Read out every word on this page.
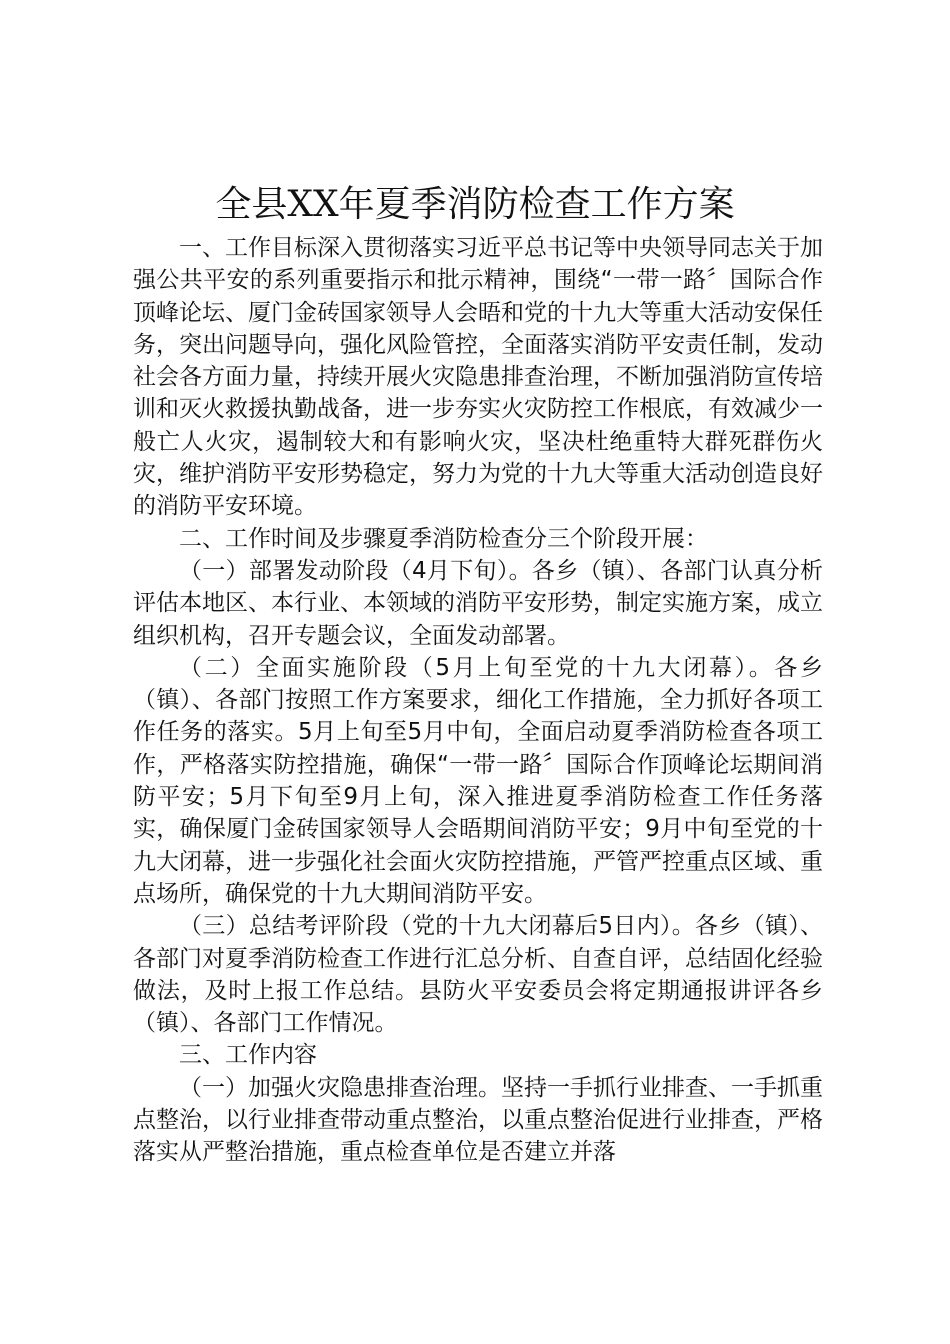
全县XX年夏季消防检查工作方案

一、工作目标深入贯彻落实习近平总书记等中央领导同志关于加强公共平安的系列重要指示和批示精神，围绕“一带一路〞国际合作顶峰论坛、厦门金砖国家领导人会晤和党的十九大等重大活动安保任务，突出问题导向，强化风险管控，全面落实消防平安责任制，发动社会各方面力量，持续开展火灾隐患排查治理，不断加强消防宣传培训和灭火救援执勤战备，进一步夯实火灾防控工作根底，有效减少一般亡人火灾，遏制较大和有影响火灾，坚决杜绝重特大群死群伤火灾，维护消防平安形势稳定，努力为党的十九大等重大活动创造良好的消防平安环境。

二、工作时间及步骤夏季消防检查分三个阶段开展：

（一）部署发动阶段（4月下旬）。各乡（镇）、各部门认真分析评估本地区、本行业、本领域的消防平安形势，制定实施方案，成立组织机构，召开专题会议，全面发动部署。

（二）全面实施阶段（5月上旬至党的十九大闭幕）。各乡（镇）、各部门按照工作方案要求，细化工作措施，全力抓好各项工作任务的落实。5月上旬至5月中旬，全面启动夏季消防检查各项工作，严格落实防控措施，确保“一带一路〞国际合作顶峰论坛期间消防平安；5月下旬至9月上旬，深入推进夏季消防检查工作任务落实，确保厦门金砖国家领导人会晤期间消防平安；9月中旬至党的十九大闭幕，进一步强化社会面火灾防控措施，严管严控重点区域、重点场所，确保党的十九大期间消防平安。

（三）总结考评阶段（党的十九大闭幕后5日内）。各乡（镇）、各部门对夏季消防检查工作进行汇总分析、自查自评，总结固化经验做法，及时上报工作总结。县防火平安委员会将定期通报讲评各乡（镇）、各部门工作情况。

三、工作内容

（一）加强火灾隐患排查治理。坚持一手抓行业排查、一手抓重点整治，以行业排查带动重点整治，以重点整治促进行业排查，严格落实从严整治措施，重点检查单位是否建立并落
